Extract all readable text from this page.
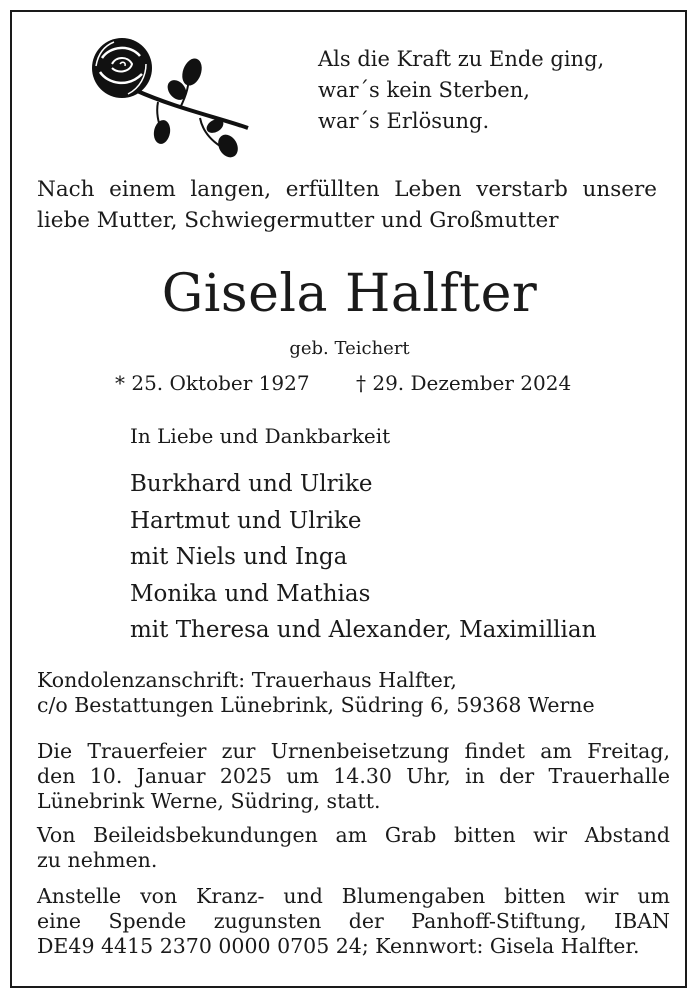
Als die Kraft zu Ende ging,
war´s kein Sterben,
war´s Erlösung.
Nach einem langen, erfüllten Leben verstarb unsere
liebe Mutter, Schwiegermutter und Großmutter
Gisela Halfter
geb. Teichert
* 25. Oktober 1927 † 29. Dezember 2024
In Liebe und Dankbarkeit
Burkhard und Ulrike
Hartmut und Ulrike
mit Niels und Inga
Monika und Mathias
mit Theresa und Alexander, Maximillian
Kondolenzanschrift: Trauerhaus Halfter,
c/o Bestattungen Lünebrink, Südring 6, 59368 Werne
Die Trauerfeier zur Urnenbeisetzung findet am Freitag,
den 10. Januar 2025 um 14.30 Uhr, in der Trauerhalle
Lünebrink Werne, Südring, statt.
Von Beileidsbekundungen am Grab bitten wir Abstand
zu nehmen.
Anstelle von Kranz- und Blumengaben bitten wir um
eine Spende zugunsten der Panhoff-Stiftung, IBAN
DE49 4415 2370 0000 0705 24; Kennwort: Gisela Halfter.
